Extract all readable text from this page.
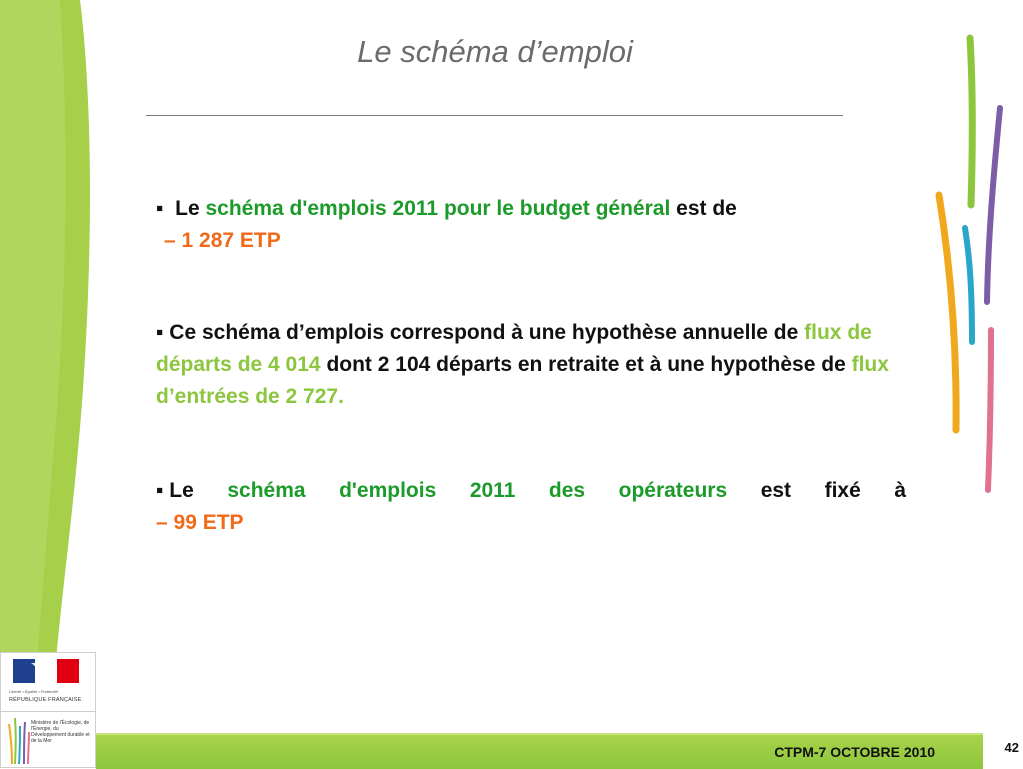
Le schéma d’emploi
▪ Le schéma d'emplois 2011 pour le budget général est de
– 1 287 ETP
▪ Ce schéma d’emplois correspond à une hypothèse annuelle de flux de départs de 4 014 dont 2 104 départs en retraite et à une hypothèse de flux d’entrées de 2 727.
▪ Le schéma d'emplois 2011 des opérateurs est fixé à
– 99 ETP
Liberté • Égalité • Fraternité
RÉPUBLIQUE FRANÇAISE
Ministère de l'Écologie, de l'Énergie, du Développement durable et de la Mer
CTPM-7 OCTOBRE 2010	42
